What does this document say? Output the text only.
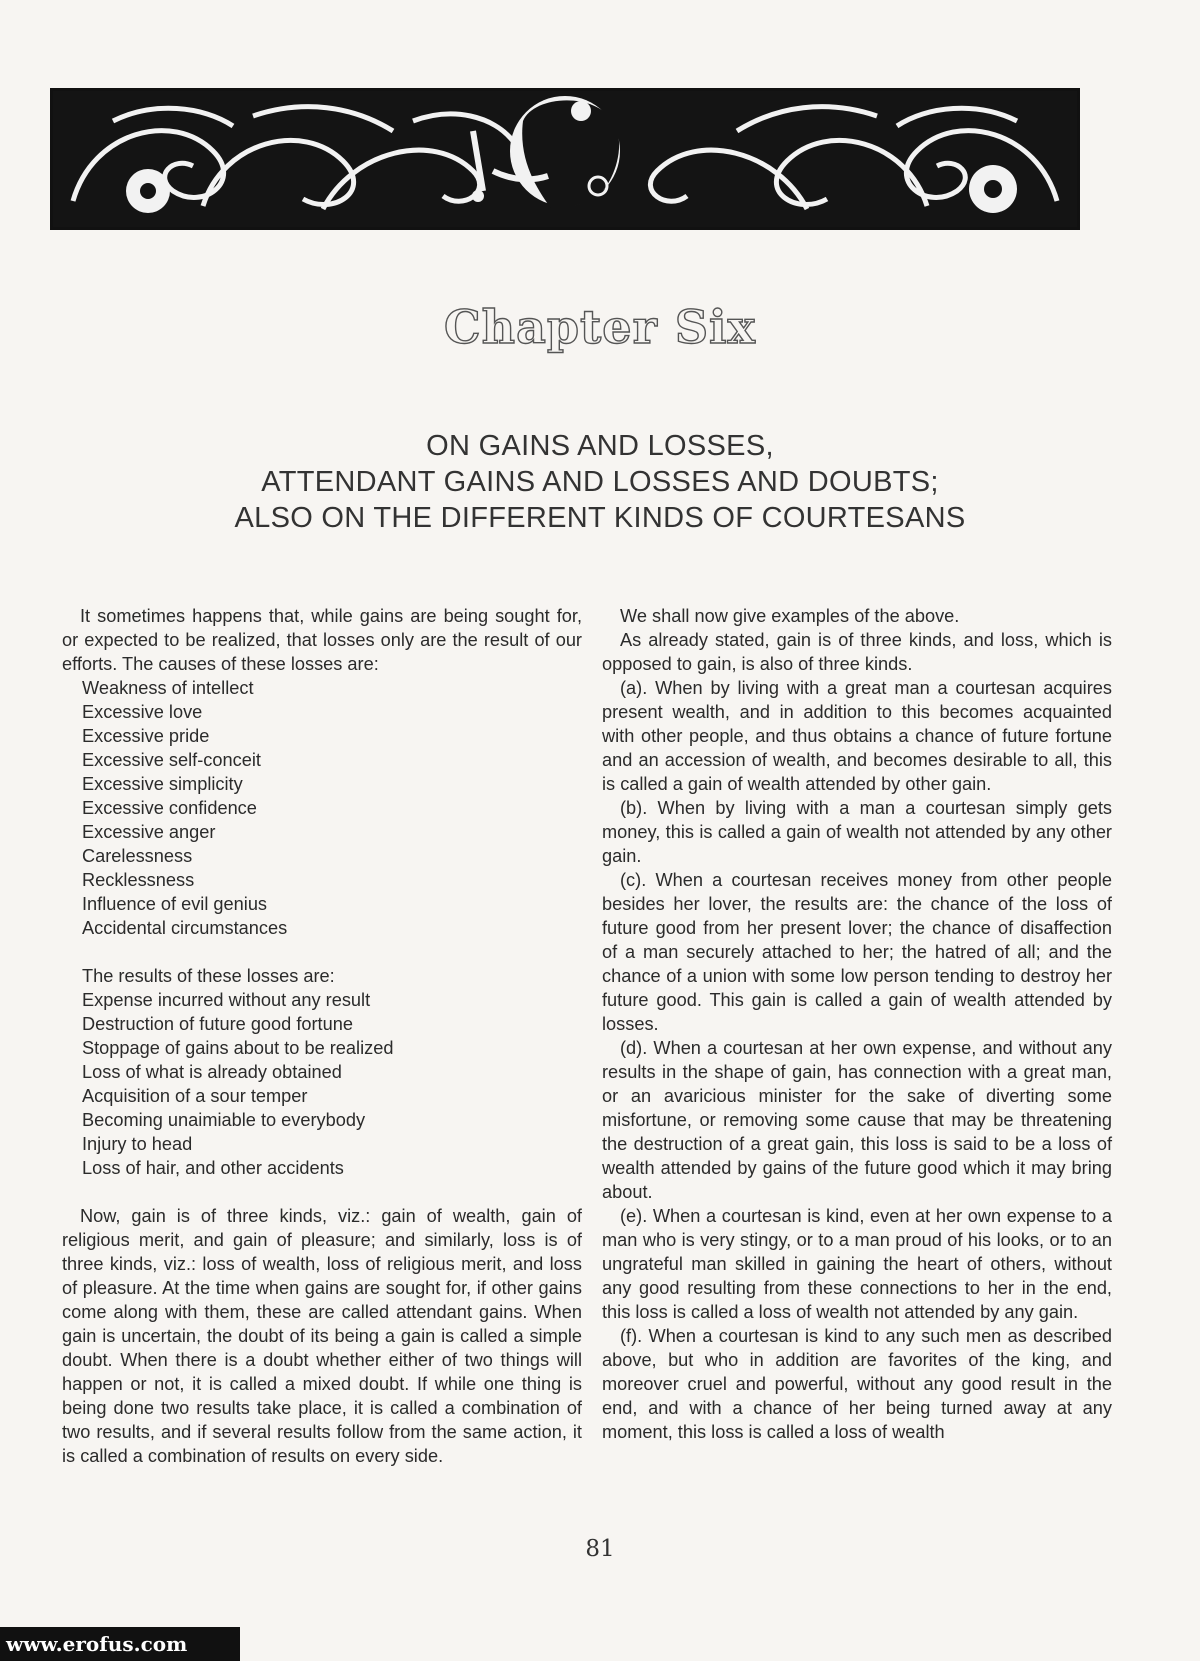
Chapter Six
ON GAINS AND LOSSES,
ATTENDANT GAINS AND LOSSES AND DOUBTS;
ALSO ON THE DIFFERENT KINDS OF COURTESANS

It sometimes happens that, while gains are being sought for, or expected to be realized, that losses only are the result of our efforts. The causes of these losses are:

Weakness of intellect
Excessive love
Excessive pride
Excessive self-conceit
Excessive simplicity
Excessive confidence
Excessive anger
Carelessness
Recklessness
Influence of evil genius
Accidental circumstances

The results of these losses are:

Expense incurred without any result
Destruction of future good fortune
Stoppage of gains about to be realized
Loss of what is already obtained
Acquisition of a sour temper
Becoming unaimiable to everybody
Injury to head
Loss of hair, and other accidents

Now, gain is of three kinds, viz.: gain of wealth, gain of religious merit, and gain of pleasure; and similarly, loss is of three kinds, viz.: loss of wealth, loss of religious merit, and loss of pleasure. At the time when gains are sought for, if other gains come along with them, these are called attendant gains. When gain is uncertain, the doubt of its being a gain is called a simple doubt. When there is a doubt whether either of two things will happen or not, it is called a mixed doubt. If while one thing is being done two results take place, it is called a combination of two results, and if several results follow from the same action, it is called a combination of results on every side.

We shall now give examples of the above.

As already stated, gain is of three kinds, and loss, which is opposed to gain, is also of three kinds.

(a). When by living with a great man a courtesan acquires present wealth, and in addition to this becomes acquainted with other people, and thus obtains a chance of future fortune and an accession of wealth, and becomes desirable to all, this is called a gain of wealth attended by other gain.

(b). When by living with a man a courtesan simply gets money, this is called a gain of wealth not attended by any other gain.

(c). When a courtesan receives money from other people besides her lover, the results are: the chance of the loss of future good from her present lover; the chance of disaffection of a man securely attached to her; the hatred of all; and the chance of a union with some low person tending to destroy her future good. This gain is called a gain of wealth attended by losses.

(d). When a courtesan at her own expense, and without any results in the shape of gain, has connection with a great man, or an avaricious minister for the sake of diverting some misfortune, or removing some cause that may be threatening the destruction of a great gain, this loss is said to be a loss of wealth attended by gains of the future good which it may bring about.

(e). When a courtesan is kind, even at her own expense to a man who is very stingy, or to a man proud of his looks, or to an ungrateful man skilled in gaining the heart of others, without any good resulting from these connections to her in the end, this loss is called a loss of wealth not attended by any gain.

(f). When a courtesan is kind to any such men as described above, but who in addition are favorites of the king, and moreover cruel and powerful, without any good result in the end, and with a chance of her being turned away at any moment, this loss is called a loss of wealth

81
www.erofus.com
